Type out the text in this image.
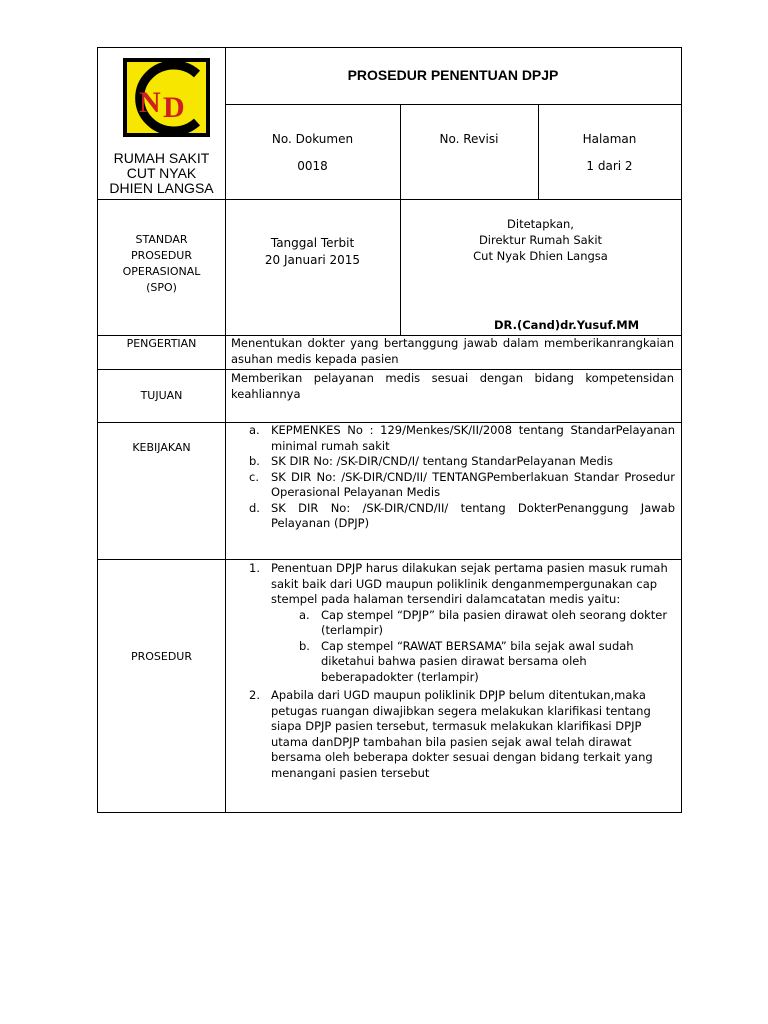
N D
RUMAH SAKIT
CUT NYAK
DHIEN LANGSA
PROSEDUR PENENTUAN DPJP
No. Dokumen
0018
No. Revisi	Halaman
1 dari 2
STANDAR
PROSEDUR
OPERASIONAL
(SPO)
Tanggal Terbit
20 Januari 2015
Ditetapkan,
Direktur Rumah Sakit
Cut Nyak Dhien Langsa
DR.(Cand)dr.Yusuf.MM
PENGERTIAN	Menentukan dokter yang bertanggung jawab dalam memberikanrangkaian asuhan medis kepada pasien
TUJUAN
Memberikan pelayanan medis sesuai dengan bidang kompetensidan keahliannya
KEBIJAKAN
a. KEPMENKES No : 129/Menkes/SK/II/2008 tentang StandarPelayanan minimal rumah sakit
b. SK DIR No: /SK-DIR/CND/I/ tentang StandarPelayanan Medis
c. SK DIR No: /SK-DIR/CND/II/ TENTANGPemberlakuan Standar Prosedur Operasional Pelayanan Medis
d. SK DIR No: /SK-DIR/CND/II/ tentang DokterPenanggung Jawab Pelayanan (DPJP)
PROSEDUR
1. Penentuan DPJP harus dilakukan sejak pertama pasien masuk rumah sakit baik dari UGD maupun poliklinik denganmempergunakan cap stempel pada halaman tersendiri dalamcatatan medis yaitu:
a. Cap stempel “DPJP” bila pasien dirawat oleh seorang dokter (terlampir)
b. Cap stempel “RAWAT BERSAMA” bila sejak awal sudah diketahui bahwa pasien dirawat bersama oleh beberapadokter (terlampir)
2. Apabila dari UGD maupun poliklinik DPJP belum ditentukan,maka petugas ruangan diwajibkan segera melakukan klarifikasi tentang siapa DPJP pasien tersebut, termasuk melakukan klarifikasi DPJP utama danDPJP tambahan bila pasien sejak awal telah dirawat bersama oleh beberapa dokter sesuai dengan bidang terkait yang menangani pasien tersebut
